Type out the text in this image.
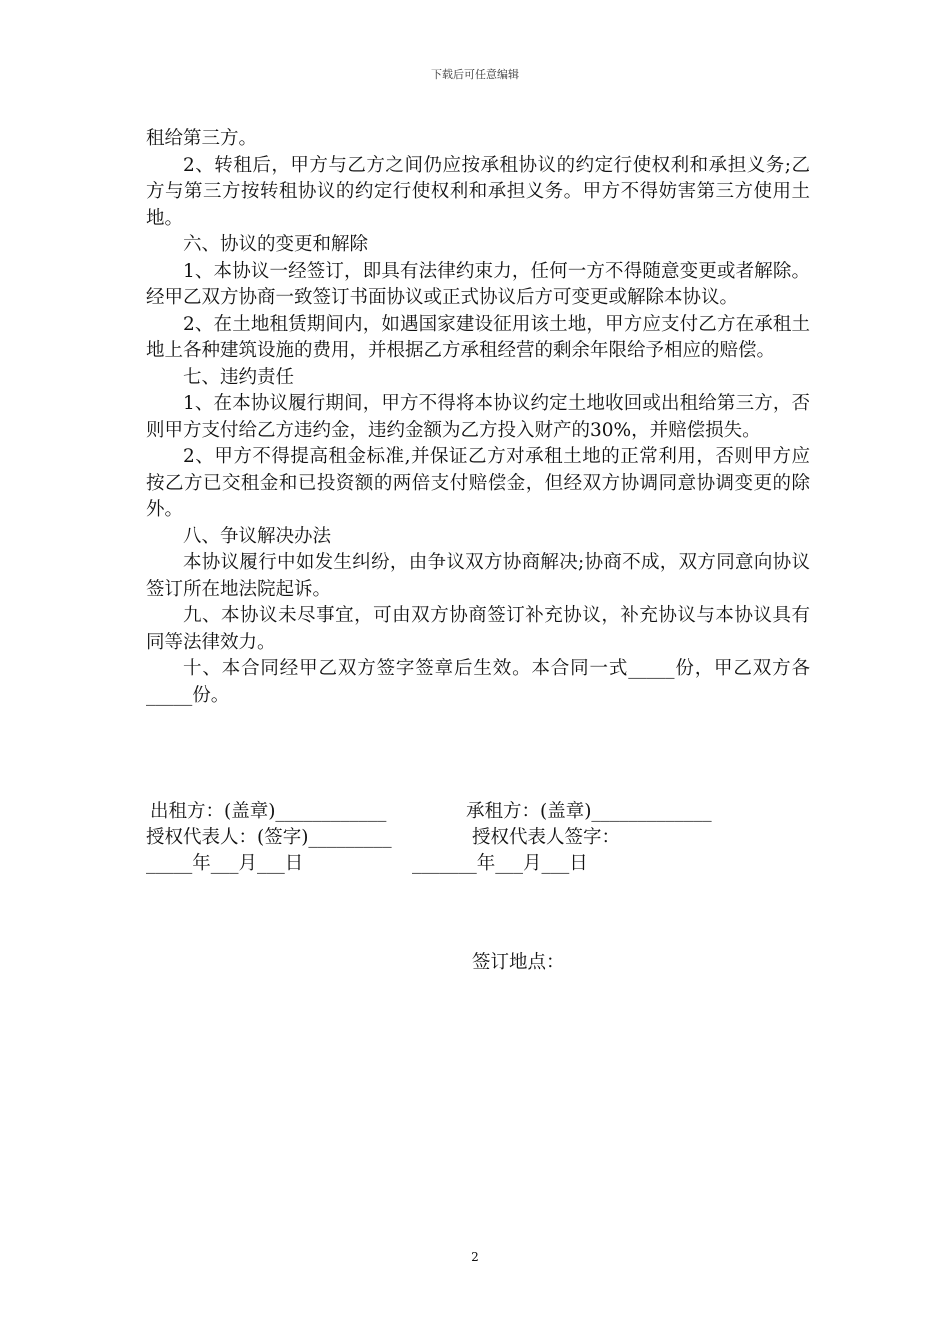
下载后可任意编辑

租给第三方。

2、转租后，甲方与乙方之间仍应按承租协议的约定行使权利和承担义务;乙方与第三方按转租协议的约定行使权利和承担义务。甲方不得妨害第三方使用土地。

六、协议的变更和解除

1、本协议一经签订，即具有法律约束力，任何一方不得随意变更或者解除。经甲乙双方协商一致签订书面协议或正式协议后方可变更或解除本协议。

2、在土地租赁期间内，如遇国家建设征用该土地，甲方应支付乙方在承租土地上各种建筑设施的费用，并根据乙方承租经营的剩余年限给予相应的赔偿。

七、违约责任

1、在本协议履行期间，甲方不得将本协议约定土地收回或出租给第三方，否则甲方支付给乙方违约金，违约金额为乙方投入财产的30%，并赔偿损失。

2、甲方不得提高租金标准,并保证乙方对承租土地的正常利用，否则甲方应按乙方已交租金和已投资额的两倍支付赔偿金，但经双方协调同意协调变更的除外。

八、争议解决办法

本协议履行中如发生纠纷，由争议双方协商解决;协商不成，双方同意向协议签订所在地法院起诉。

九、本协议未尽事宜，可由双方协商签订补充协议，补充协议与本协议具有同等法律效力。

十、本合同经甲乙双方签字签章后生效。本合同一式_____份，甲乙双方各_____份。

出租方：(盖章)____________	承租方：(盖章)_____________
授权代表人：(签字)_________	授权代表人签字：
_____年___月___日	_______年___月___日
签订地点：
2
